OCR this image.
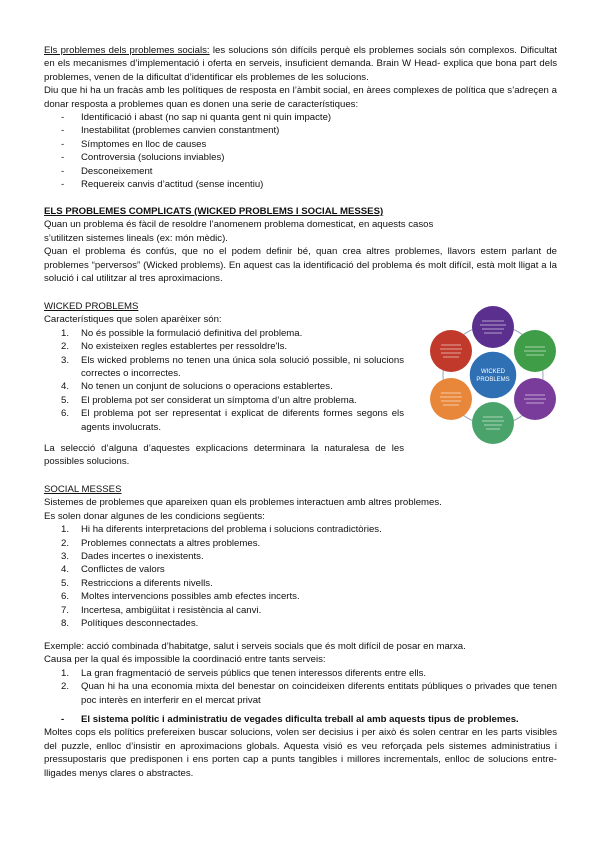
Els problemes dels problemes socials: les solucions són difícils perquè els problemes socials són complexos. Dificultat en els mecanismes d’implementació i oferta en serveis, insuficient demanda. Brain W Head- explica que bona part dels problemes, venen de la dificultat d’identificar els problemes de les solucions.

Diu que hi ha un fracàs amb les polítiques de resposta en l’àmbit social, en àrees complexes de política que s’adreçen a donar resposta a problemes quan es donen una serie de característiques:

- Identificació i abast (no sap ni quanta gent ni quin impacte)
- Inestabilitat (problemes canvien constantment)
- Símptomes en lloc de causes
- Controversia (solucions inviables)
- Desconeixement
- Requereix canvis d’actitud (sense incentiu)

ELS PROBLEMES COMPLICATS (WICKED PROBLEMS I SOCIAL MESSES)

Quan un problema és fàcil de resoldre l’anomenem problema domesticat, en aquests casos

s’utilitzen sistemes lineals (ex: món mèdic).

Quan el problema és confús, que no el podem definir bé, quan crea altres problemes, llavors estem parlant de problemes “perversos” (Wicked problems). En aquest cas la identificació del problema és molt difícil, està molt lligat a la solució i cal utilitzar al tres aproximacions.

WICKED PROBLEMS

Característiques que solen aparèixer són:

1. No és possible la formulació definitiva del problema.
2. No existeixen regles establertes per ressoldre'ls.
3. Els wicked problems no tenen una única sola solució possible, ni solucions correctes o incorrectes.
4. No tenen un conjunt de solucions o operacions establertes.
5. El problema pot ser considerat un símptoma d’un altre problema.
6. El problema pot ser representat i explicat de diferents formes segons els agents involucrats.

La selecció d’alguna d’aquestes explicacions determinara la naturalesa de les possibles solucions.

WICKED
PROBLEMS

SOCIAL MESSES

Sistemes de problemes que apareixen quan els problemes interactuen amb altres problemes.

Es solen donar algunes de les condicions següents:

1. Hi ha diferents interpretacions del problema i solucions contradictòries.
2. Problemes connectats a altres problemes.
3. Dades incertes o inexistents.
4. Conflictes de valors
5. Restriccions a diferents nivells.
6. Moltes intervencions possibles amb efectes incerts.
7. Incertesa, ambigüitat i resistència al canvi.
8. Polítiques desconnectades.

Exemple: acció combinada d’habitatge, salut i serveis socials que és molt difícil de posar en marxa.

Causa per la qual és impossible la coordinació entre tants serveis:

1. La gran fragmentació de serveis públics que tenen interessos diferents entre ells.
2. Quan hi ha una economia mixta del benestar on coincideixen diferents entitats públiques o privades que tenen poc interès en interferir en el mercat privat
- El sistema polític i administratiu de vegades dificulta treball al amb aquests tipus de problemes.

Moltes cops els polítics prefereixen buscar solucions, volen ser decisius i per això és solen centrar en les parts visibles del puzzle, enlloc d’insistir en aproximacions globals. Aquesta visió es veu reforçada pels sistemes administratius i pressupostaris que predisponen i ens porten cap a punts tangibles i millores incrementals, enlloc de solucions entre-lligades menys clares o abstractes.
